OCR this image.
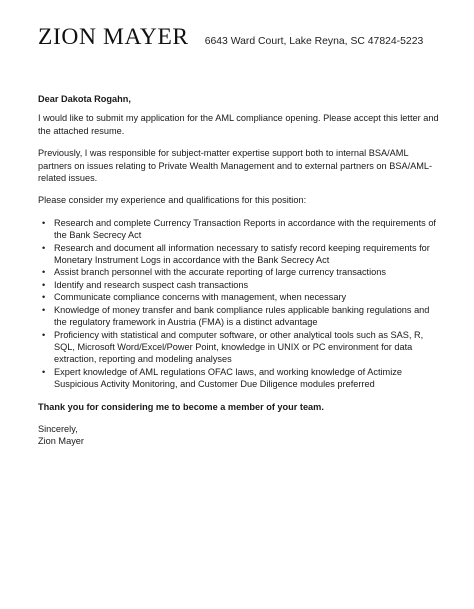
ZION MAYER 6643 Ward Court, Lake Reyna, SC 47824-5223

Dear Dakota Rogahn,

I would like to submit my application for the AML compliance opening. Please accept this letter and the attached resume.

Previously, I was responsible for subject-matter expertise support both to internal BSA/AML partners on issues relating to Private Wealth Management and to external partners on BSA/AML-related issues.

Please consider my experience and qualifications for this position:

• Research and complete Currency Transaction Reports in accordance with the requirements of the Bank Secrecy Act
• Research and document all information necessary to satisfy record keeping requirements for Monetary Instrument Logs in accordance with the Bank Secrecy Act
• Assist branch personnel with the accurate reporting of large currency transactions
• Identify and research suspect cash transactions
• Communicate compliance concerns with management, when necessary
• Knowledge of money transfer and bank compliance rules applicable banking regulations and the regulatory framework in Austria (FMA) is a distinct advantage
• Proficiency with statistical and computer software, or other analytical tools such as SAS, R, SQL, Microsoft Word/Excel/Power Point, knowledge in UNIX or PC environment for data extraction, reporting and modeling analyses
• Expert knowledge of AML regulations OFAC laws, and working knowledge of Actimize Suspicious Activity Monitoring, and Customer Due Diligence modules preferred

Thank you for considering me to become a member of your team.

Sincerely,

Zion Mayer
